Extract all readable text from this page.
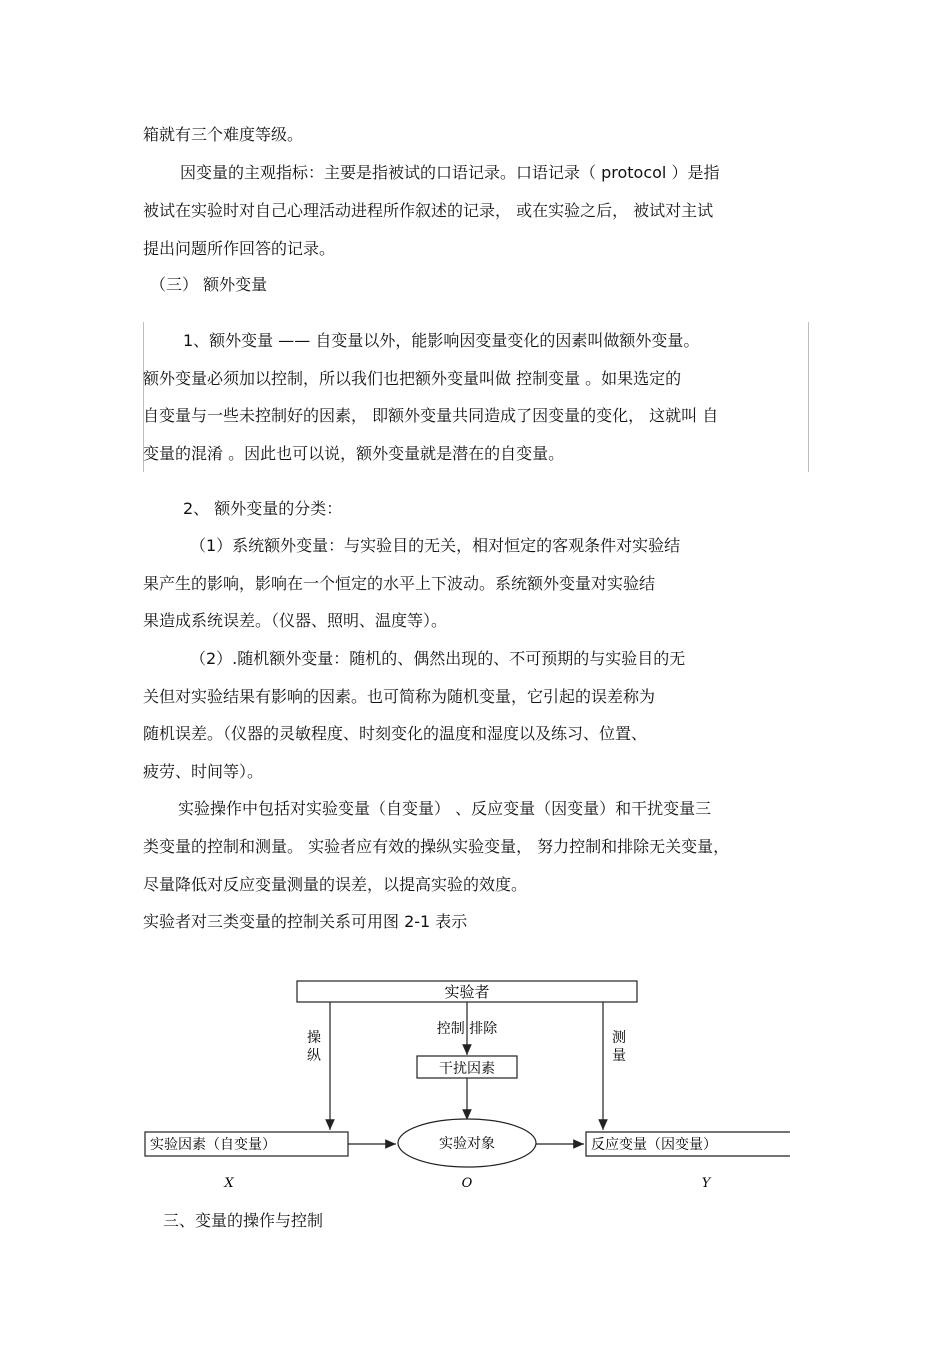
箱就有三个难度等级。
因变量的主观指标：主要是指被试的口语记录。口语记录（ protocol ）是指
被试在实验时对自己心理活动进程所作叙述的记录， 或在实验之后， 被试对主试
提出问题所作回答的记录。
（三） 额外变量
1、额外变量 —— 自变量以外，能影响因变量变化的因素叫做额外变量。
额外变量必须加以控制，所以我们也把额外变量叫做 控制变量 。如果选定的
自变量与一些未控制好的因素， 即额外变量共同造成了因变量的变化， 这就叫 自
变量的混淆 。因此也可以说，额外变量就是潜在的自变量。
2、 额外变量的分类：
（1）系统额外变量：与实验目的无关，相对恒定的客观条件对实验结
果产生的影响，影响在一个恒定的水平上下波动。系统额外变量对实验结
果造成系统误差。（仪器、照明、温度等）。
（2）.随机额外变量：随机的、偶然出现的、不可预期的与实验目的无
关但对实验结果有影响的因素。也可简称为随机变量，它引起的误差称为
随机误差。（仪器的灵敏程度、时刻变化的温度和湿度以及练习、位置、
疲劳、时间等）。
实验操作中包括对实验变量（自变量） 、反应变量（因变量）和干扰变量三
类变量的控制和测量。 实验者应有效的操纵实验变量， 努力控制和排除无关变量，
尽量降低对反应变量测量的误差，以提高实验的效度。
实验者对三类变量的控制关系可用图 2-1 表示
实验者
操
纵
测
量
控制 排除
干扰因素
实验因素（自变量）	实验对象	反应变量（因变量）
X	O	Y
三、变量的操作与控制
